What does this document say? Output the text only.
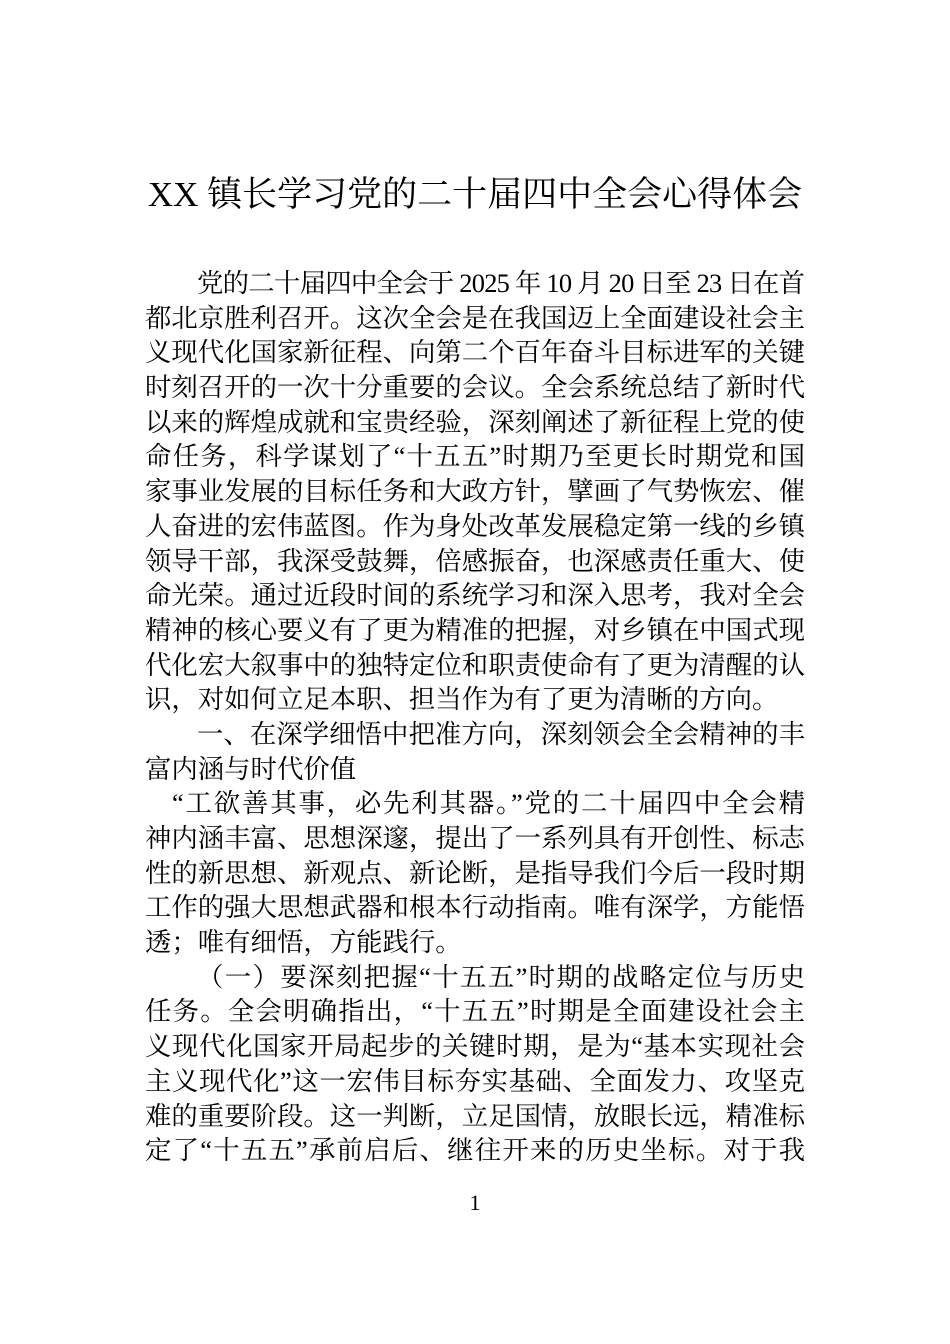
XX 镇长学习党的二十届四中全会心得体会
党的二十届四中全会于 2025 年 10 月 20 日至 23 日在首
都北京胜利召开。这次全会是在我国迈上全面建设社会主
义现代化国家新征程、向第二个百年奋斗目标进军的关键
时刻召开的一次十分重要的会议。全会系统总结了新时代
以来的辉煌成就和宝贵经验，深刻阐述了新征程上党的使
命任务，科学谋划了“十五五”时期乃至更长时期党和国
家事业发展的目标任务和大政方针，擘画了气势恢宏、催
人奋进的宏伟蓝图。作为身处改革发展稳定第一线的乡镇
领导干部，我深受鼓舞，倍感振奋，也深感责任重大、使
命光荣。通过近段时间的系统学习和深入思考，我对全会
精神的核心要义有了更为精准的把握，对乡镇在中国式现
代化宏大叙事中的独特定位和职责使命有了更为清醒的认
识，对如何立足本职、担当作为有了更为清晰的方向。
一、在深学细悟中把准方向，深刻领会全会精神的丰
富内涵与时代价值
“工欲善其事，必先利其器。”党的二十届四中全会精
神内涵丰富、思想深邃，提出了一系列具有开创性、标志
性的新思想、新观点、新论断，是指导我们今后一段时期
工作的强大思想武器和根本行动指南。唯有深学，方能悟
透；唯有细悟，方能践行。
（一）要深刻把握“十五五”时期的战略定位与历史
任务。全会明确指出，“十五五”时期是全面建设社会主
义现代化国家开局起步的关键时期，是为“基本实现社会
主义现代化”这一宏伟目标夯实基础、全面发力、攻坚克
难的重要阶段。这一判断，立足国情，放眼长远，精准标
定了“十五五”承前启后、继往开来的历史坐标。对于我
1
